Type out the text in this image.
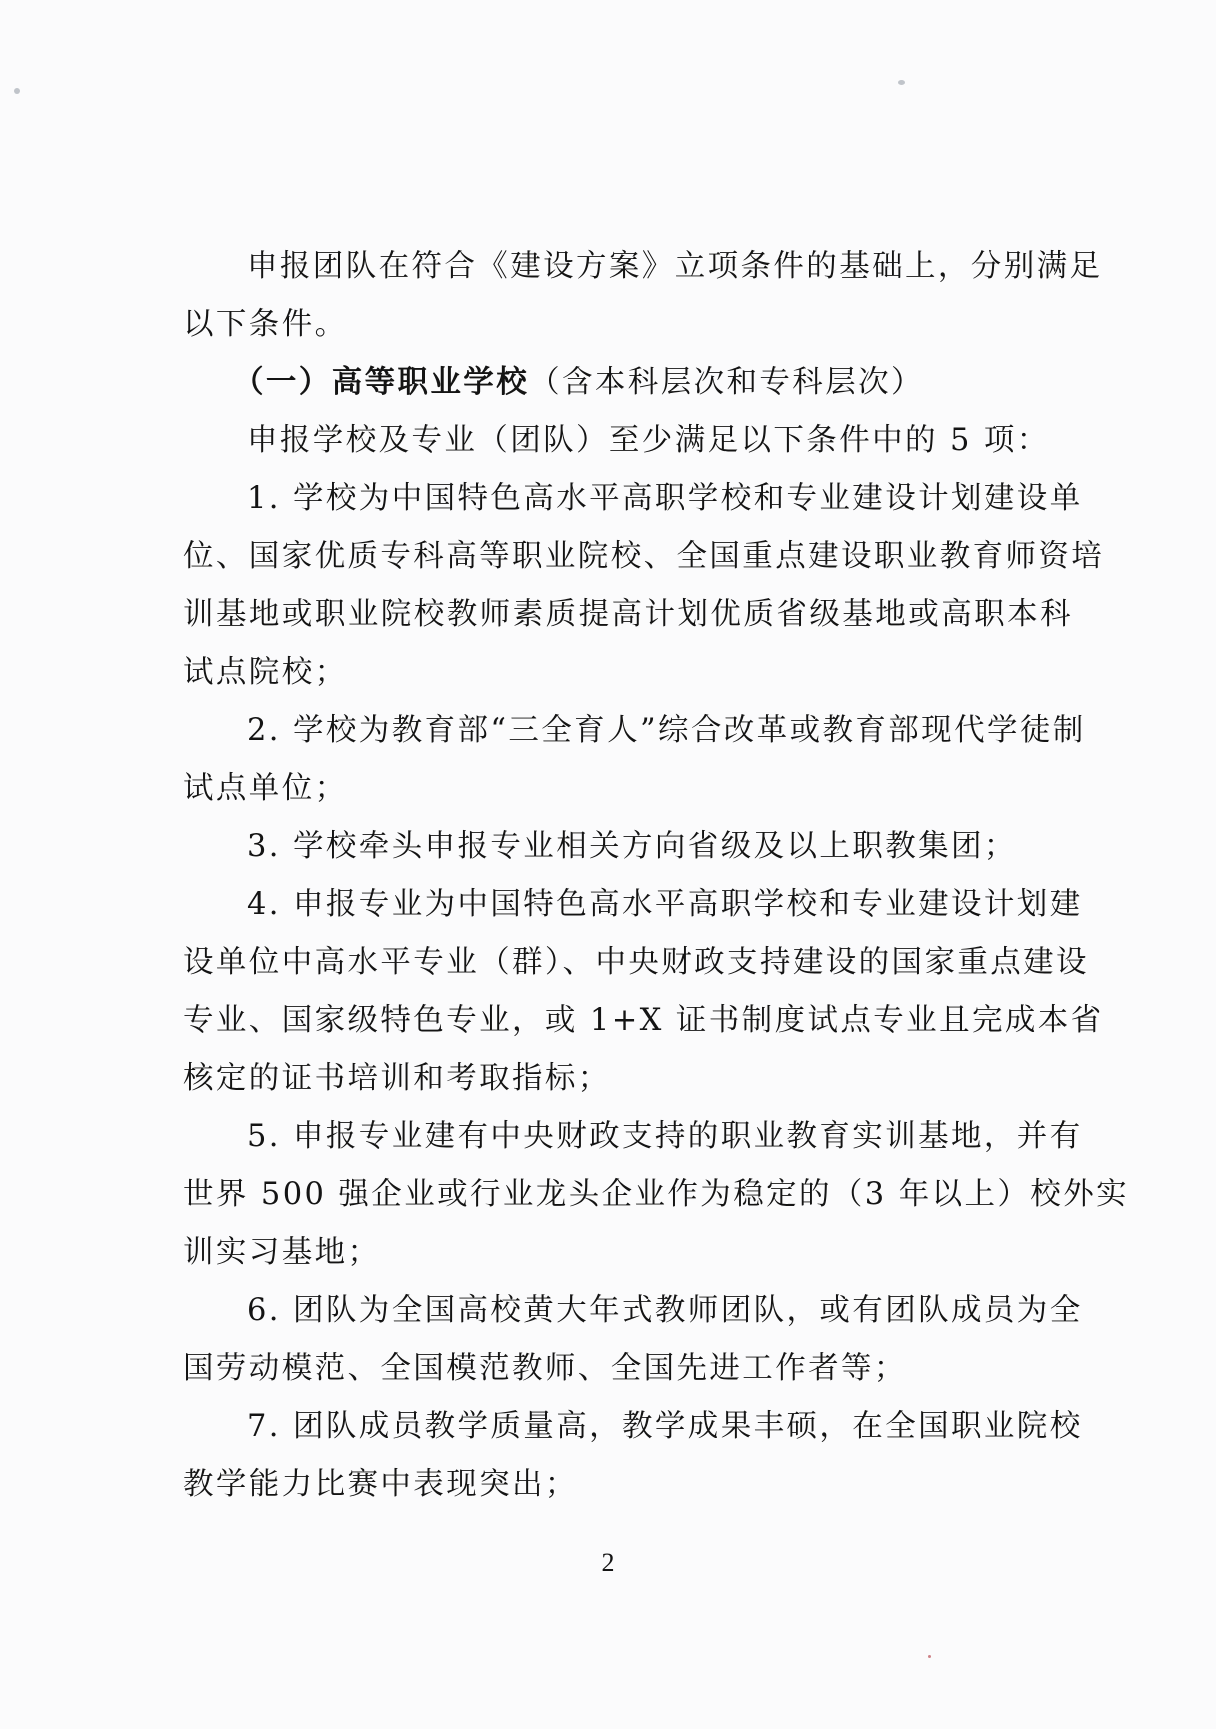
申报团队在符合《建设方案》立项条件的基础上，分别满足
以下条件。
（一）高等职业学校（含本科层次和专科层次）
申报学校及专业（团队）至少满足以下条件中的 5 项：
1. 学校为中国特色高水平高职学校和专业建设计划建设单
位、国家优质专科高等职业院校、全国重点建设职业教育师资培
训基地或职业院校教师素质提高计划优质省级基地或高职本科
试点院校；
2. 学校为教育部“三全育人”综合改革或教育部现代学徒制
试点单位；
3. 学校牵头申报专业相关方向省级及以上职教集团；
4. 申报专业为中国特色高水平高职学校和专业建设计划建
设单位中高水平专业（群）、中央财政支持建设的国家重点建设
专业、国家级特色专业，或 1+X 证书制度试点专业且完成本省
核定的证书培训和考取指标；
5. 申报专业建有中央财政支持的职业教育实训基地，并有
世界 500 强企业或行业龙头企业作为稳定的（3 年以上）校外实
训实习基地；
6. 团队为全国高校黄大年式教师团队，或有团队成员为全
国劳动模范、全国模范教师、全国先进工作者等；
7. 团队成员教学质量高，教学成果丰硕，在全国职业院校
教学能力比赛中表现突出；
2
